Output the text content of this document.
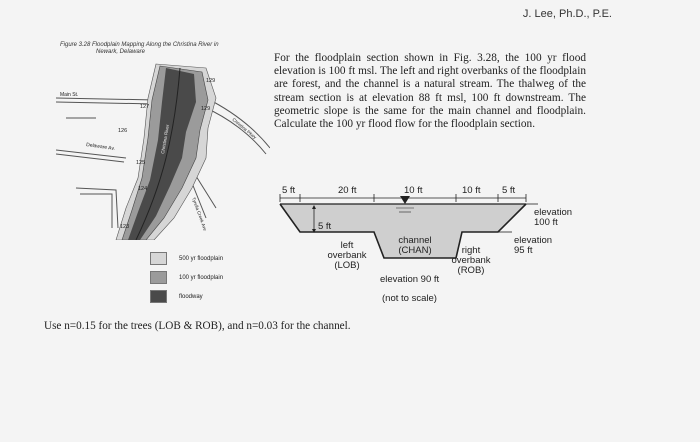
J. Lee, Ph.D., P.E.
Figure 3.28 Floodplain Mapping Along the Christina River in
Newark, Delaware
Main St.
Delaware Av.
129
129
127
126
125
124
123
Christina Pkwy
Christina River
Tyrella Creek Ave
500 yr floodplain
100 yr floodplain
floodway
For the floodplain section shown in Fig. 3.28, the 100 yr flood elevation is 100 ft msl. The left and right overbanks of the floodplain are forest, and the channel is a natural stream. The thalweg of the stream section is at elevation 88 ft msl, 100 ft downstream. The geometric slope is the same for the main channel and floodplain. Calculate the 100 yr flood flow for the floodplain section.
5 ft	20 ft	10 ft	10 ft 5 ft
5 ft
elevation
100 ft
elevation
95 ft
left
overbank
(LOB)
channel
(CHAN)	right
overbank
(ROB)
elevation 90 ft
(not to scale)
Use n=0.15 for the trees (LOB & ROB), and n=0.03 for the channel.
